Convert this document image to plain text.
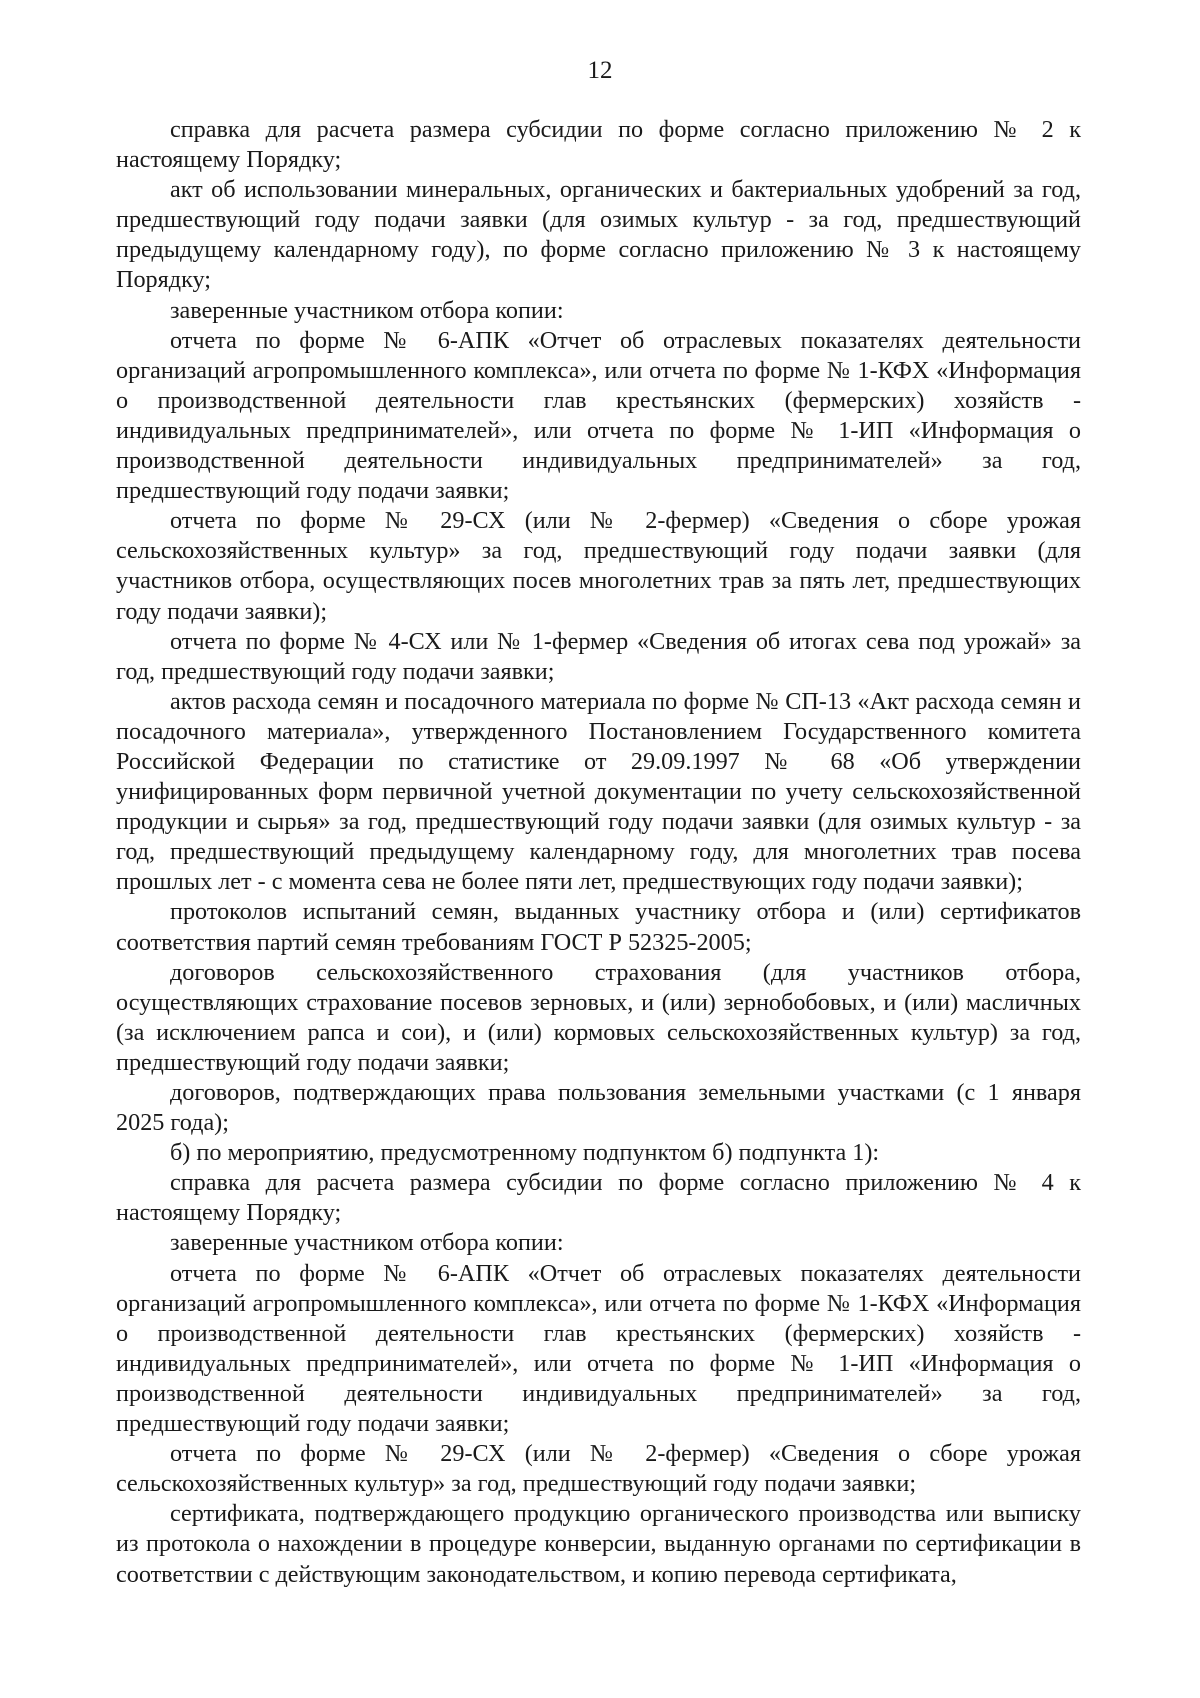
12

справка для расчета размера субсидии по форме согласно приложению № 2 к настоящему Порядку;

акт об использовании минеральных, органических и бактериальных удобрений за год, предшествующий году подачи заявки (для озимых культур - за год, предшествующий предыдущему календарному году), по форме согласно приложению № 3 к настоящему Порядку;

заверенные участником отбора копии:

отчета по форме № 6-АПК «Отчет об отраслевых показателях деятельности организаций агропромышленного комплекса», или отчета по форме № 1-КФХ «Информация о производственной деятельности глав крестьянских (фермерских) хозяйств - индивидуальных предпринимателей», или отчета по форме № 1-ИП «Информация о производственной деятельности индивидуальных предпринимателей» за год, предшествующий году подачи заявки;

отчета по форме № 29-СХ (или № 2-фермер) «Сведения о сборе урожая сельскохозяйственных культур» за год, предшествующий году подачи заявки (для участников отбора, осуществляющих посев многолетних трав за пять лет, предшествующих году подачи заявки);

отчета по форме № 4-СХ или № 1-фермер «Сведения об итогах сева под урожай» за год, предшествующий году подачи заявки;

актов расхода семян и посадочного материала по форме № СП-13 «Акт расхода семян и посадочного материала», утвержденного Постановлением Государственного комитета Российской Федерации по статистике от 29.09.1997 № 68 «Об утверждении унифицированных форм первичной учетной документации по учету сельскохозяйственной продукции и сырья» за год, предшествующий году подачи заявки (для озимых культур - за год, предшествующий предыдущему календарному году, для многолетних трав посева прошлых лет - с момента сева не более пяти лет, предшествующих году подачи заявки);

протоколов испытаний семян, выданных участнику отбора и (или) сертификатов соответствия партий семян требованиям ГОСТ Р 52325-2005;

договоров сельскохозяйственного страхования (для участников отбора, осуществляющих страхование посевов зерновых, и (или) зернобобовых, и (или) масличных (за исключением рапса и сои), и (или) кормовых сельскохозяйственных культур) за год, предшествующий году подачи заявки;

договоров, подтверждающих права пользования земельными участками (с 1 января 2025 года);

б) по мероприятию, предусмотренному подпунктом б) подпункта 1):

справка для расчета размера субсидии по форме согласно приложению № 4 к настоящему Порядку;

заверенные участником отбора копии:

отчета по форме № 6-АПК «Отчет об отраслевых показателях деятельности организаций агропромышленного комплекса», или отчета по форме № 1-КФХ «Информация о производственной деятельности глав крестьянских (фермерских) хозяйств - индивидуальных предпринимателей», или отчета по форме № 1-ИП «Информация о производственной деятельности индивидуальных предпринимателей» за год, предшествующий году подачи заявки;

отчета по форме № 29-СХ (или № 2-фермер) «Сведения о сборе урожая сельскохозяйственных культур» за год, предшествующий году подачи заявки;

сертификата, подтверждающего продукцию органического производства или выписку из протокола о нахождении в процедуре конверсии, выданную органами по сертификации в соответствии с действующим законодательством, и копию перевода сертификата,
